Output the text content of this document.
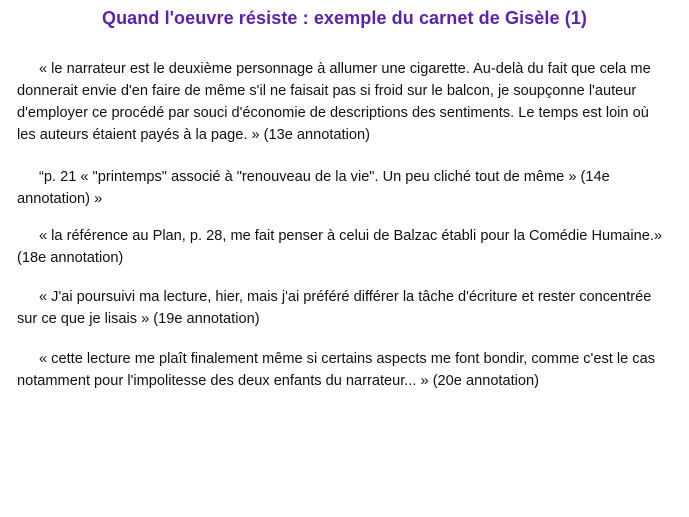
Quand l'oeuvre résiste : exemple du carnet de Gisèle (1)

« le narrateur est le deuxième personnage à allumer une cigarette. Au-delà du fait que cela me donnerait envie d'en faire de même s'il ne faisait pas si froid sur le balcon, je soupçonne l'auteur d'employer ce procédé par souci d'économie de descriptions des sentiments. Le temps est loin où les auteurs étaient payés à la page. » (13e annotation)

“p. 21 « "printemps" associé à "renouveau de la vie". Un peu cliché tout de même » (14e annotation) »

« la référence au Plan, p. 28, me fait penser à celui de Balzac établi pour la Comédie Humaine.» (18e annotation)

« J'ai poursuivi ma lecture, hier, mais j'ai préféré différer la tâche d'écriture et rester concentrée sur ce que je lisais » (19e annotation)

« cette lecture me plaît finalement même si certains aspects me font bondir, comme c'est le cas notamment pour l'impolitesse des deux enfants du narrateur... » (20e annotation)
